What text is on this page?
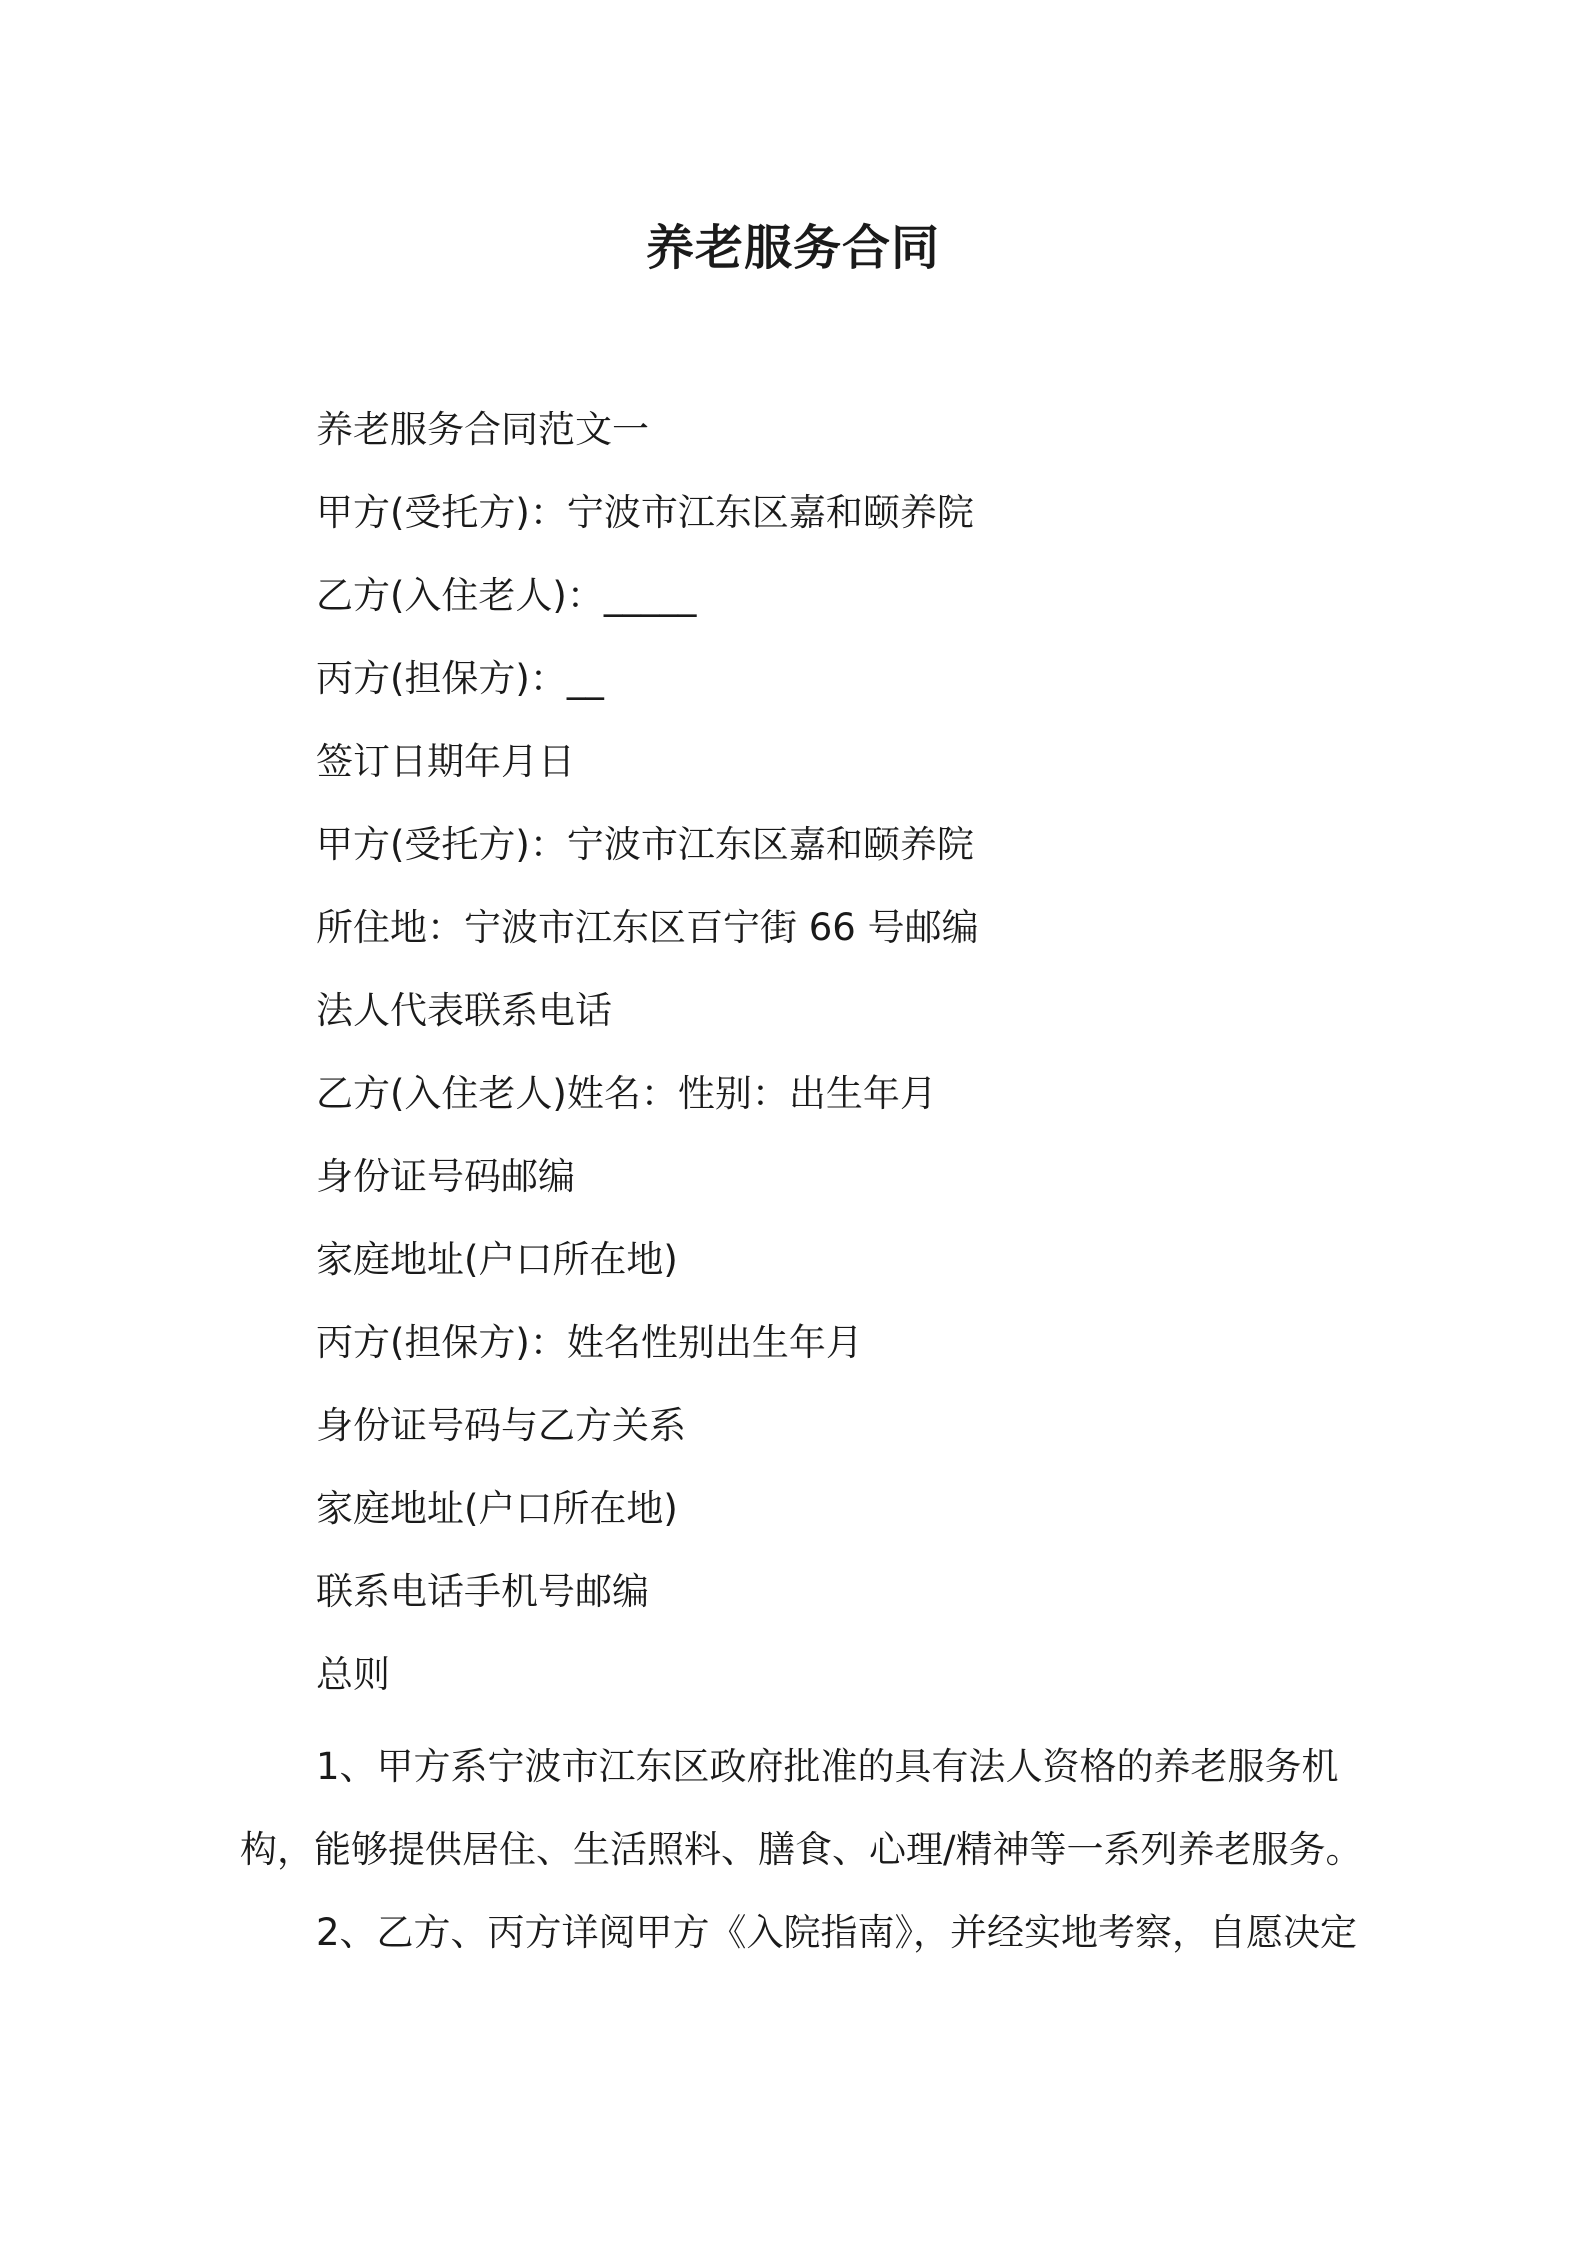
养老服务合同

养老服务合同范文一

甲方(受托方)：宁波市江东区嘉和颐养院

乙方(入住老人)：_____

丙方(担保方)：__

签订日期年月日

甲方(受托方)：宁波市江东区嘉和颐养院

所住地：宁波市江东区百宁街 66 号邮编

法人代表联系电话

乙方(入住老人)姓名：性别：出生年月

身份证号码邮编

家庭地址(户口所在地)

丙方(担保方)：姓名性别出生年月

身份证号码与乙方关系

家庭地址(户口所在地)

联系电话手机号邮编

总则

1、甲方系宁波市江东区政府批准的具有法人资格的养老服务机
构，能够提供居住、生活照料、膳食、心理/精神等一系列养老服务。
2、乙方、丙方详阅甲方《入院指南》，并经实地考察，自愿决定
